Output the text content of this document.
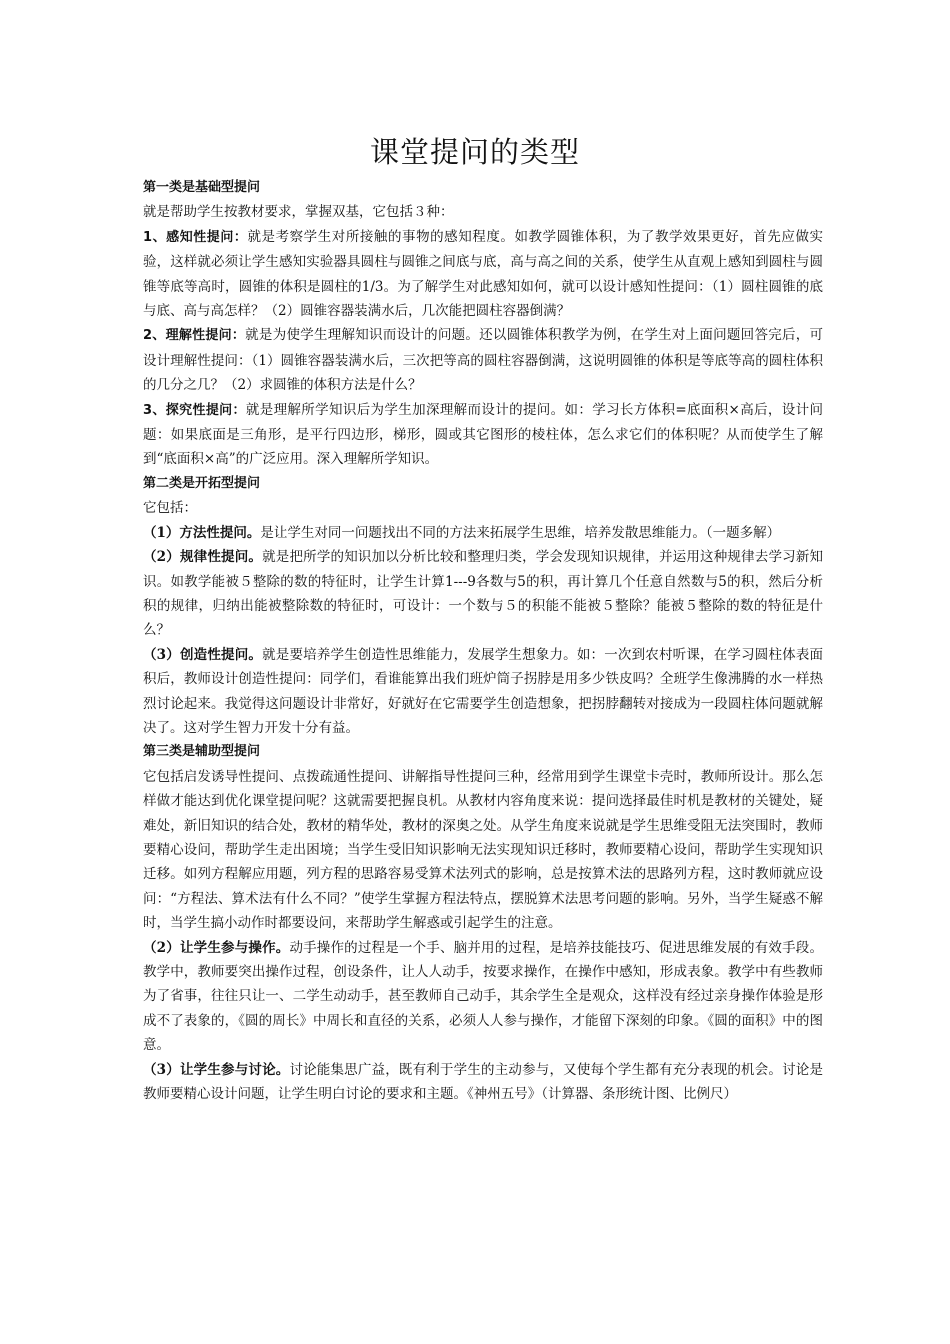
课堂提问的类型

第一类是基础型提问

就是帮助学生按教材要求，掌握双基，它包括３种：

1、感知性提问：就是考察学生对所接触的事物的感知程度。如教学圆锥体积，为了教学效果更好，首先应做实验，这样就必须让学生感知实验器具圆柱与圆锥之间底与底，高与高之间的关系，使学生从直观上感知到圆柱与圆锥等底等高时，圆锥的体积是圆柱的1/3。为了解学生对此感知如何，就可以设计感知性提问：（1）圆柱圆锥的底与底、高与高怎样？（2）圆锥容器装满水后，几次能把圆柱容器倒满？

2、理解性提问：就是为使学生理解知识而设计的问题。还以圆锥体积教学为例，在学生对上面问题回答完后，可设计理解性提问：（1）圆锥容器装满水后，三次把等高的圆柱容器倒满，这说明圆锥的体积是等底等高的圆柱体积的几分之几？（2）求圆锥的体积方法是什么？

3、探究性提问：就是理解所学知识后为学生加深理解而设计的提问。如：学习长方体积=底面积×高后，设计问题：如果底面是三角形，是平行四边形，梯形，圆或其它图形的棱柱体，怎么求它们的体积呢？从而使学生了解到“底面积×高”的广泛应用。深入理解所学知识。

第二类是开拓型提问

它包括：

（1）方法性提问。是让学生对同一问题找出不同的方法来拓展学生思维，培养发散思维能力。（一题多解）

（2）规律性提问。就是把所学的知识加以分析比较和整理归类，学会发现知识规律，并运用这种规律去学习新知识。如教学能被５整除的数的特征时，让学生计算1---9各数与5的积，再计算几个任意自然数与5的积，然后分析积的规律，归纳出能被整除数的特征时，可设计：一个数与５的积能不能被５整除？能被５整除的数的特征是什么？

（3）创造性提问。就是要培养学生创造性思维能力，发展学生想象力。如：一次到农村听课，在学习圆柱体表面积后，教师设计创造性提问：同学们，看谁能算出我们班炉筒子拐脖是用多少铁皮吗？全班学生像沸腾的水一样热烈讨论起来。我觉得这问题设计非常好，好就好在它需要学生创造想象，把拐脖翻转对接成为一段圆柱体问题就解决了。这对学生智力开发十分有益。

第三类是辅助型提问

它包括启发诱导性提问、点拨疏通性提问、讲解指导性提问三种，经常用到学生课堂卡壳时，教师所设计。那么怎样做才能达到优化课堂提问呢？这就需要把握良机。从教材内容角度来说：提问选择最佳时机是教材的关键处，疑难处，新旧知识的结合处，教材的精华处，教材的深奥之处。从学生角度来说就是学生思维受阻无法突围时，教师要精心设问，帮助学生走出困境；当学生受旧知识影响无法实现知识迁移时，教师要精心设问，帮助学生实现知识迁移。如列方程解应用题，列方程的思路容易受算术法列式的影响，总是按算术法的思路列方程，这时教师就应设问：“方程法、算术法有什么不同？”使学生掌握方程法特点，摆脱算术法思考问题的影响。另外，当学生疑惑不解时，当学生搞小动作时都要设问，来帮助学生解惑或引起学生的注意。

（2）让学生参与操作。动手操作的过程是一个手、脑并用的过程，是培养技能技巧、促进思维发展的有效手段。教学中，教师要突出操作过程，创设条件，让人人动手，按要求操作，在操作中感知，形成表象。教学中有些教师为了省事，往往只让一、二学生动动手，甚至教师自己动手，其余学生全是观众，这样没有经过亲身操作体验是形成不了表象的，《圆的周长》中周长和直径的关系，必须人人参与操作，才能留下深刻的印象。《圆的面积》中的图意。

（3）让学生参与讨论。讨论能集思广益，既有利于学生的主动参与，又使每个学生都有充分表现的机会。讨论是教师要精心设计问题，让学生明白讨论的要求和主题。《神州五号》（计算器、条形统计图、比例尺）
